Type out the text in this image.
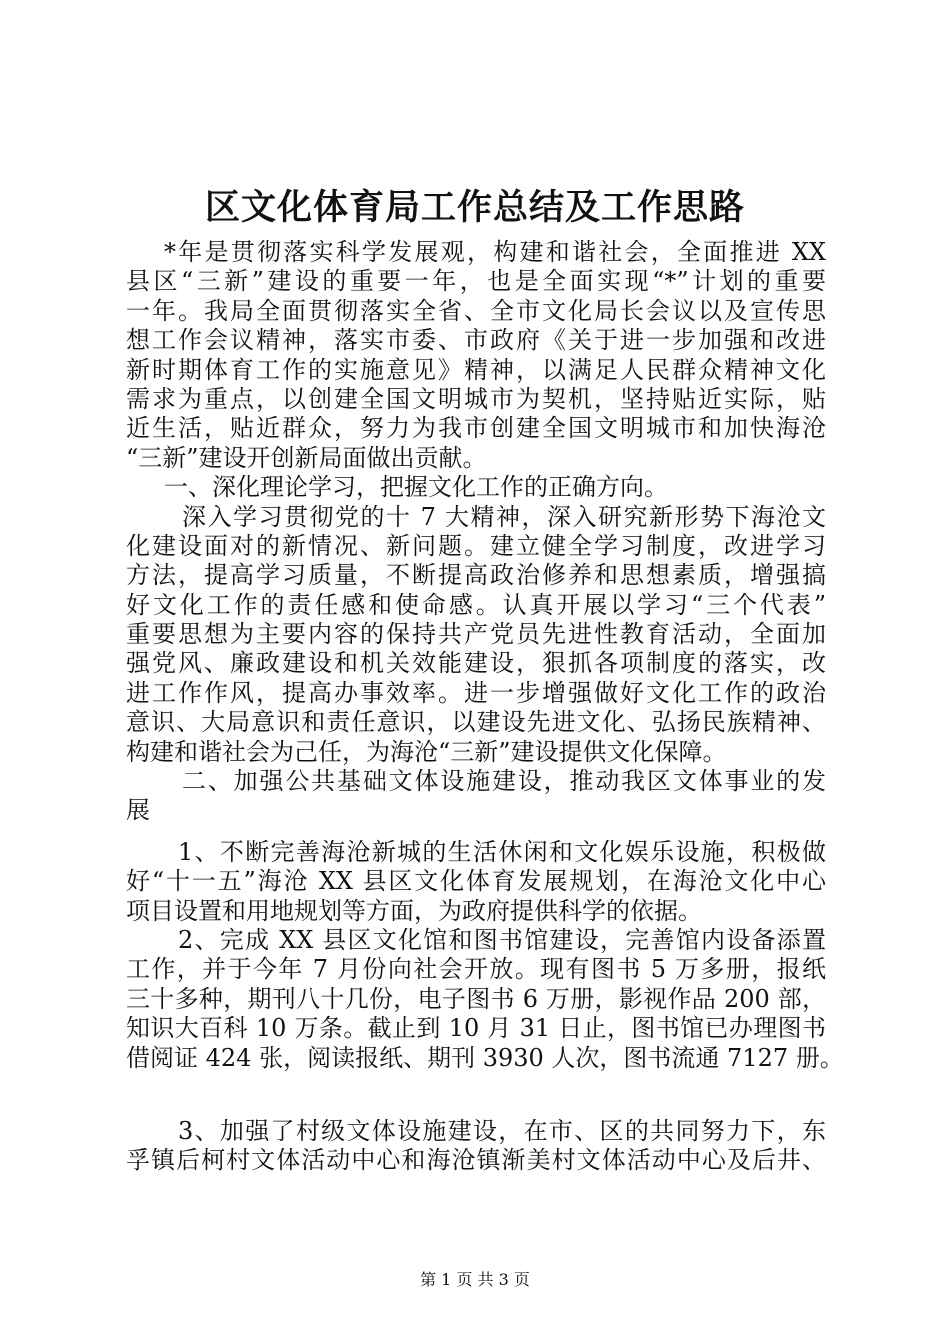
区文化体育局工作总结及工作思路
*年是贯彻落实科学发展观，构建和谐社会，全面推进 XX
县区“三新”建设的重要一年，也是全面实现“*”计划的重要
一年。我局全面贯彻落实全省、全市文化局长会议以及宣传思
想工作会议精神，落实市委、市政府《关于进一步加强和改进
新时期体育工作的实施意见》精神，以满足人民群众精神文化
需求为重点，以创建全国文明城市为契机，坚持贴近实际，贴
近生活，贴近群众，努力为我市创建全国文明城市和加快海沧
“三新”建设开创新局面做出贡献。
一、深化理论学习，把握文化工作的正确方向。
深入学习贯彻党的十 7 大精神，深入研究新形势下海沧文
化建设面对的新情况、新问题。建立健全学习制度，改进学习
方法，提高学习质量，不断提高政治修养和思想素质，增强搞
好文化工作的责任感和使命感。认真开展以学习“三个代表”
重要思想为主要内容的保持共产党员先进性教育活动，全面加
强党风、廉政建设和机关效能建设，狠抓各项制度的落实，改
进工作作风，提高办事效率。进一步增强做好文化工作的政治
意识、大局意识和责任意识，以建设先进文化、弘扬民族精神、
构建和谐社会为己任，为海沧“三新”建设提供文化保障。
二、加强公共基础文体设施建设，推动我区文体事业的发
展
1、不断完善海沧新城的生活休闲和文化娱乐设施，积极做
好“十一五”海沧 XX 县区文化体育发展规划，在海沧文化中心
项目设置和用地规划等方面，为政府提供科学的依据。
2、完成 XX 县区文化馆和图书馆建设，完善馆内设备添置
工作，并于今年 7 月份向社会开放。现有图书 5 万多册，报纸
三十多种，期刊八十几份，电子图书 6 万册，影视作品 200 部，
知识大百科 10 万条。截止到 10 月 31 日止，图书馆已办理图书
借阅证 424 张，阅读报纸、期刊 3930 人次，图书流通 7127 册。
3、加强了村级文体设施建设，在市、区的共同努力下，东
孚镇后柯村文体活动中心和海沧镇渐美村文体活动中心及后井、
第 1 页 共 3 页
